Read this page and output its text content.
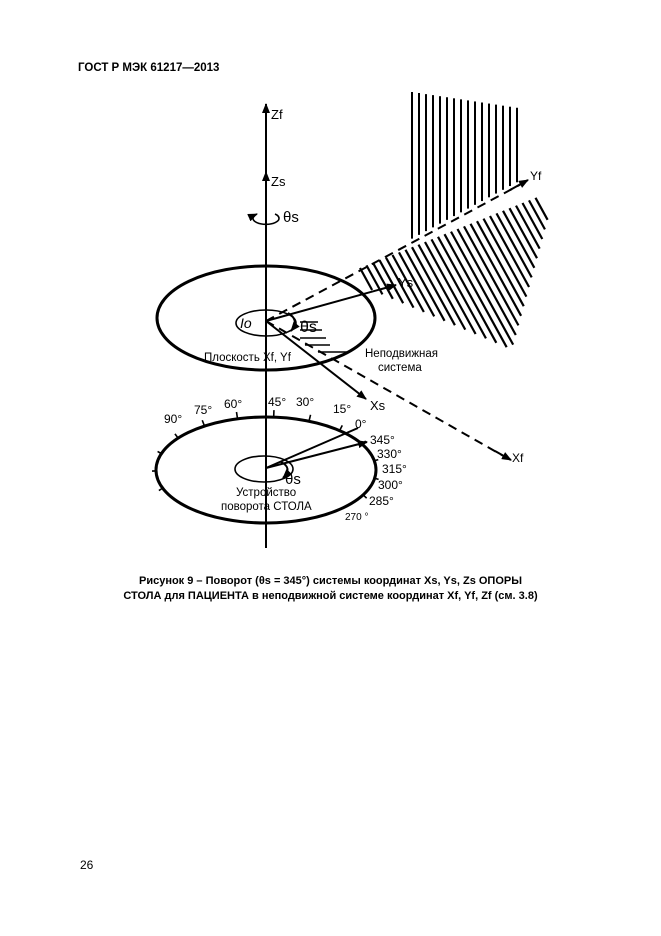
ГОСТ Р МЭК 61217—2013
Zf
Zs
θs
Yf
Ys
Io	θs
Плоскость Xf, Yf	Неподвижная
система
Xs
Xf
θs
Устройство
поворота СТОЛА
90°
75° 60° 45° 30° 15°
0°
345°
330°
315°
300°
285°
270 °
Рисунок 9 – Поворот (θs = 345°) системы координат Xs, Ys, Zs ОПОРЫ
СТОЛА для ПАЦИЕНТА в неподвижной системе координат Xf, Yf, Zf (см. 3.8)
26
